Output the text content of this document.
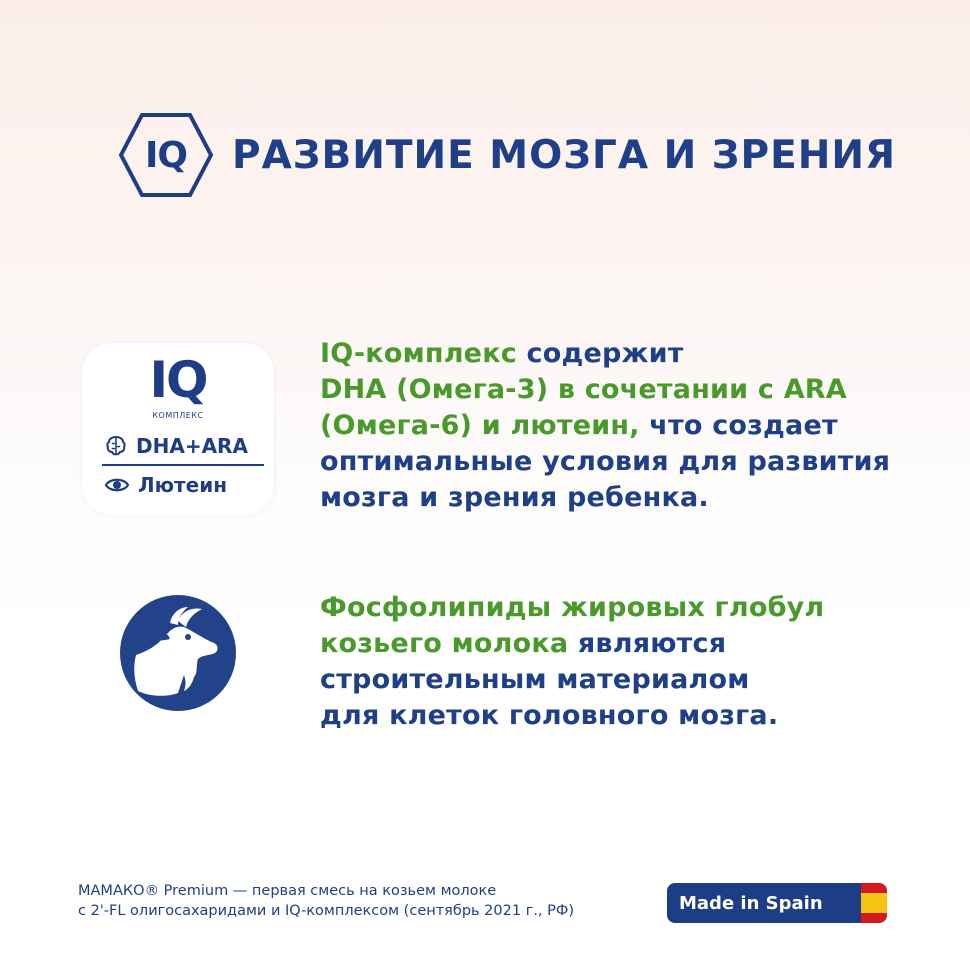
IQ	РАЗВИТИЕ МОЗГА И ЗРЕНИЯ
IQ
КОМПЛЕКС
DHA+ARA
Лютеин
IQ-комплекс содержит
DHA (Омега-3) в сочетании с ARA
(Омега-6) и лютеин, что создает
оптимальные условия для развития
мозга и зрения ребенка.
Фосфолипиды жировых глобул
козьего молока являются
строительным материалом
для клеток головного мозга.
МАМАКО® Premium — первая смесь на козьем молоке
с 2'-FL олигосахаридами и IQ-комплексом (сентябрь 2021 г., РФ)	Made in Spain
